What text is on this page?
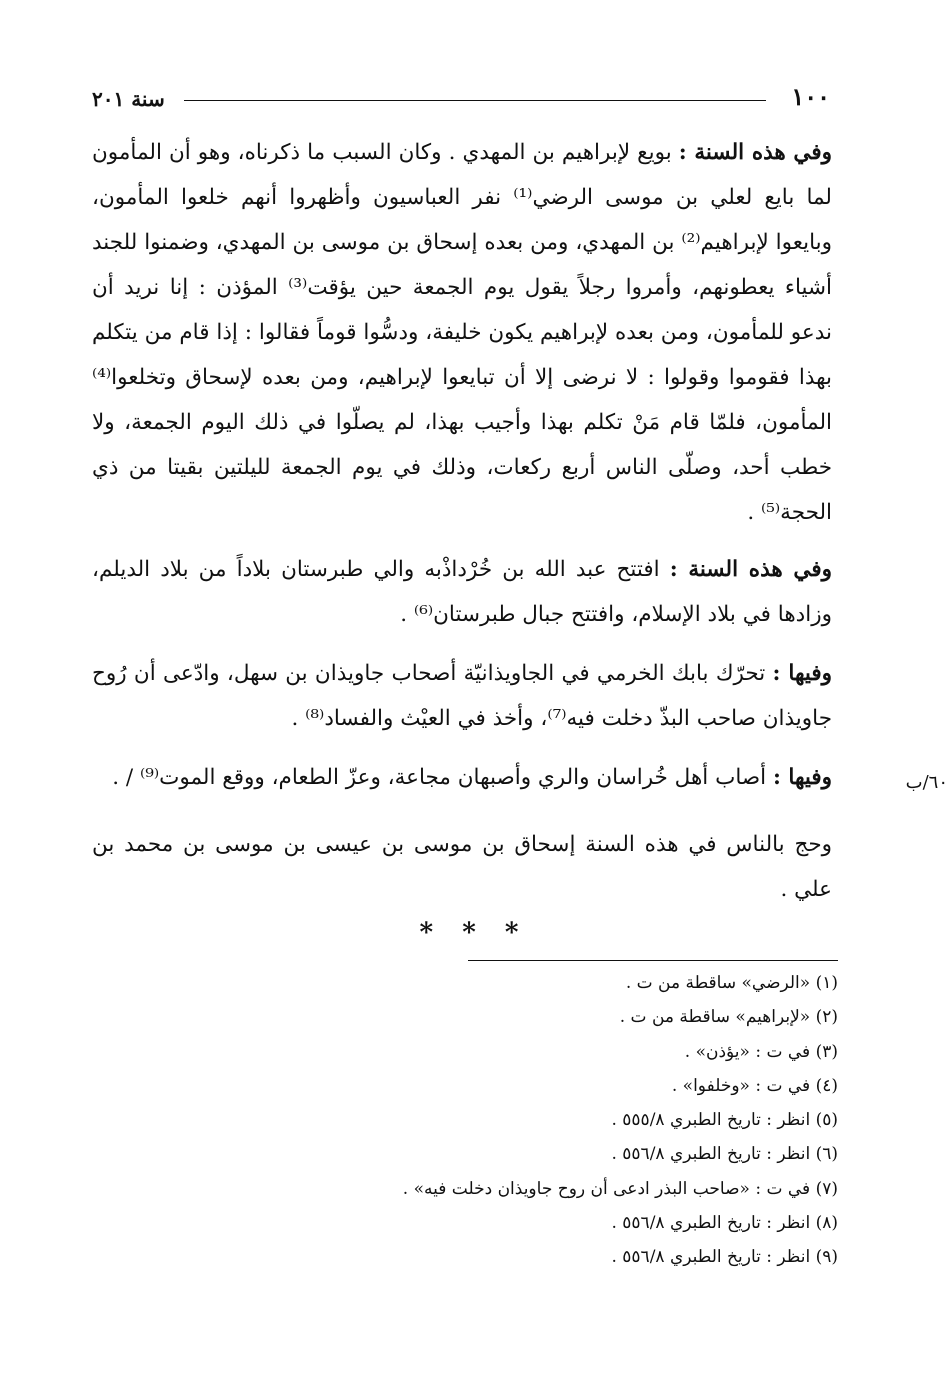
١٠٠
سنة ٢٠١

وفي هذه السنة : بويع لإبراهيم بن المهدي . وكان السبب ما ذكرناه، وهو أن المأمون لما بايع لعلي بن موسى الرضي⁽¹⁾ نفر العباسيون وأظهروا أنهم خلعوا المأمون، وبايعوا لإبراهيم⁽²⁾ بن المهدي، ومن بعده إسحاق بن موسى بن المهدي، وضمنوا للجند أشياء يعطونهم، وأمروا رجلاً يقول يوم الجمعة حين يؤقت⁽³⁾ المؤذن : إنا نريد أن ندعو للمأمون، ومن بعده لإبراهيم يكون خليفة، ودسُّوا قوماً فقالوا : إذا قام من يتكلم بهذا فقوموا وقولوا : لا نرضى إلا أن تبايعوا لإبراهيم، ومن بعده لإسحاق وتخلعوا⁽⁴⁾ المأمون، فلمّا قام مَنْ تكلم بهذا وأجيب بهذا، لم يصلّوا في ذلك اليوم الجمعة، ولا خطب أحد، وصلّى الناس أربع ركعات، وذلك في يوم الجمعة لليلتين بقيتا من ذي الحجة⁽⁵⁾ .

وفي هذه السنة : افتتح عبد الله بن خُرْداذْبه والي طبرستان بلاداً من بلاد الديلم، وزادها في بلاد الإسلام، وافتتح جبال طبرستان⁽⁶⁾ .

وفيها : تحرّك بابك الخرمي في الجاويذانيّة أصحاب جاويذان بن سهل، وادّعى أن رُوح جاويذان صاحب البذّ دخلت فيه⁽⁷⁾، وأخذ في العيْث والفساد⁽⁸⁾ .

وفيها : أصاب أهل خُراسان والري وأصبهان مجاعة، وعزّ الطعام، ووقع الموت⁽⁹⁾ / .

وحج بالناس في هذه السنة إسحاق بن موسى بن عيسى بن موسى بن محمد بن علي .

٦٠/ب
* * *
(١) «الرضي» ساقطة من ت .
(٢) «لإبراهيم» ساقطة من ت .
(٣) في ت : «يؤذن» .
(٤) في ت : «وخلفوا» .
(٥) انظر : تاريخ الطبري ٥٥٥/٨ .
(٦) انظر : تاريخ الطبري ٥٥٦/٨ .
(٧) في ت : «صاحب البذر ادعى أن روح جاويذان دخلت فيه» .
(٨) انظر : تاريخ الطبري ٥٥٦/٨ .
(٩) انظر : تاريخ الطبري ٥٥٦/٨ .
